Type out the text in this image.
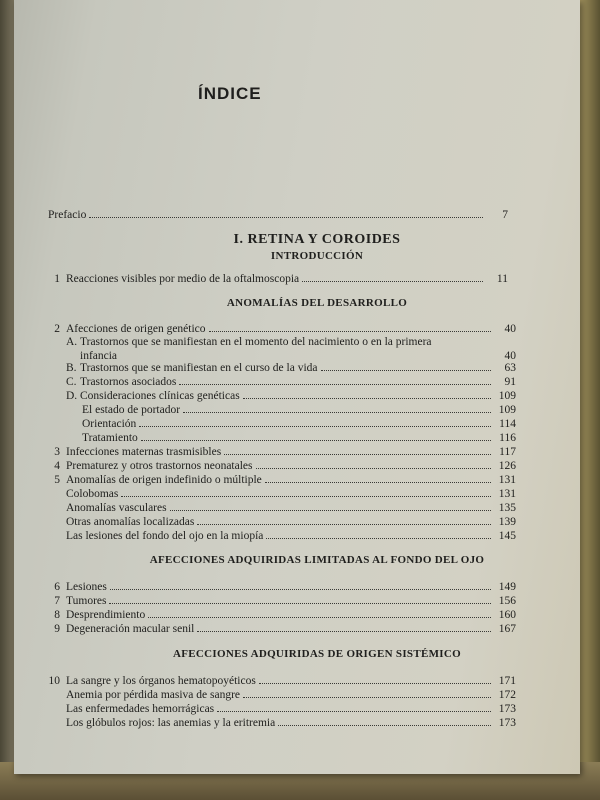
ÍNDICE
Prefacio	7
I. RETINA Y COROIDES
INTRODUCCIÓN
1 Reacciones visibles por medio de la oftalmoscopia	11
ANOMALÍAS DEL DESARROLLO
2 Afecciones de origen genético	40
A. Trastornos que se manifiestan en el momento del nacimiento o en la primera
infancia	40
B. Trastornos que se manifiestan en el curso de la vida	63
C. Trastornos asociados	91
D. Consideraciones clínicas genéticas	109
El estado de portador	109
Orientación	114
Tratamiento	116
3 Infecciones maternas trasmisibles	117
4 Prematurez y otros trastornos neonatales	126
5 Anomalías de origen indefinido o múltiple	131
Colobomas	131
Anomalías vasculares	135
Otras anomalías localizadas	139
Las lesiones del fondo del ojo en la miopía	145
AFECCIONES ADQUIRIDAS LIMITADAS AL FONDO DEL OJO
6 Lesiones	149
7 Tumores	156
8 Desprendimiento	160
9 Degeneración macular senil	167
AFECCIONES ADQUIRIDAS DE ORIGEN SISTÉMICO
10 La sangre y los órganos hematopoyéticos	171
Anemia por pérdida masiva de sangre	172
Las enfermedades hemorrágicas	173
Los glóbulos rojos: las anemias y la eritremia	173
